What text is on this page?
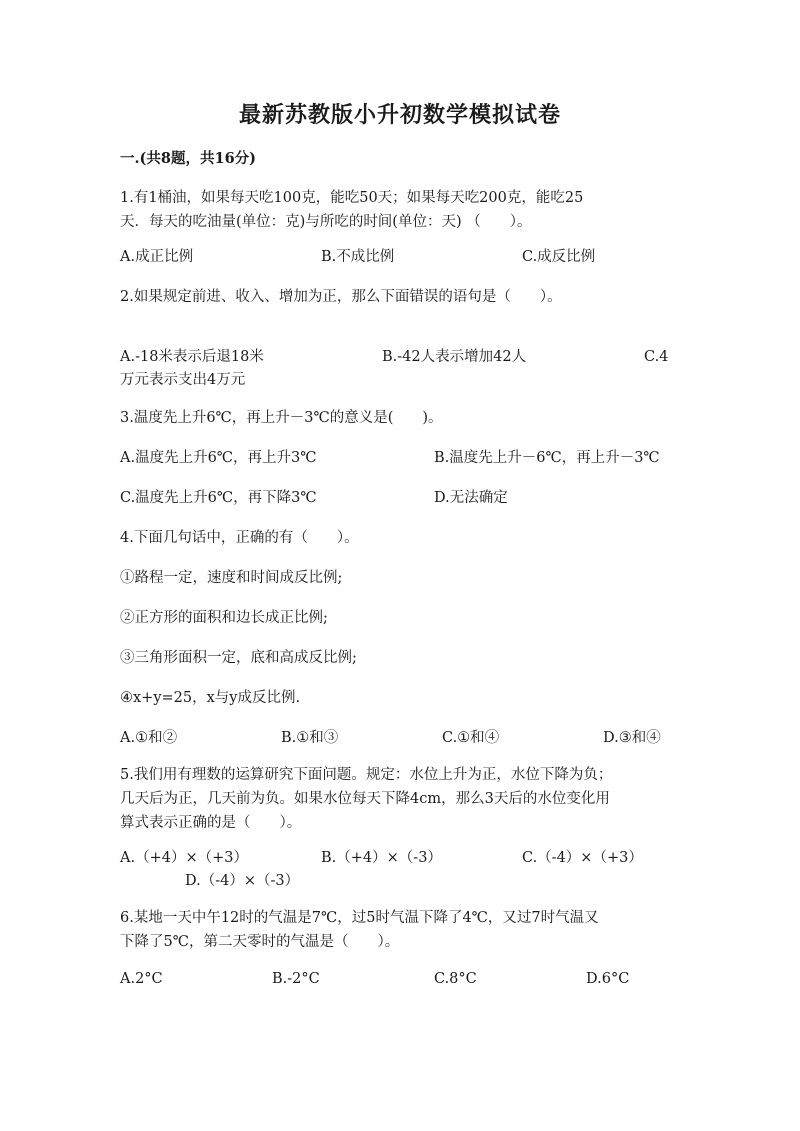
最新苏教版小升初数学模拟试卷
一.(共8题，共16分)
1.有1桶油，如果每天吃100克，能吃50天；如果每天吃200克，能吃25
天．每天的吃油量(单位：克)与所吃的时间(单位：天) （　　）。
A.成正比例	B.不成比例	C.成反比例
2.如果规定前进、收入、增加为正，那么下面错误的语句是（　　）。
A.-18米表示后退18米	B.-42人表示增加42人	C.4
万元表示支出4万元
3.温度先上升6℃，再上升－3℃的意义是(　　)。
A.温度先上升6℃，再上升3℃	B.温度先上升－6℃，再上升－3℃
C.温度先上升6℃，再下降3℃	D.无法确定
4.下面几句话中，正确的有（　　）。
①路程一定，速度和时间成反比例;
②正方形的面积和边长成正比例;
③三角形面积一定，底和高成反比例;
④x+y=25，x与y成反比例.
A.①和②	B.①和③	C.①和④	D.③和④
5.我们用有理数的运算研究下面问题。规定：水位上升为正，水位下降为负；
几天后为正，几天前为负。如果水位每天下降4cm，那么3天后的水位变化用
算式表示正确的是（　　）。
A.（+4）×（+3）	B.（+4）×（-3）	C.（-4）×（+3）
D.（-4）×（-3）
6.某地一天中午12时的气温是7℃，过5时气温下降了4℃，又过7时气温又
下降了5℃，第二天零时的气温是（　　）。
A.2°C	B.-2°C	C.8°C	D.6°C
